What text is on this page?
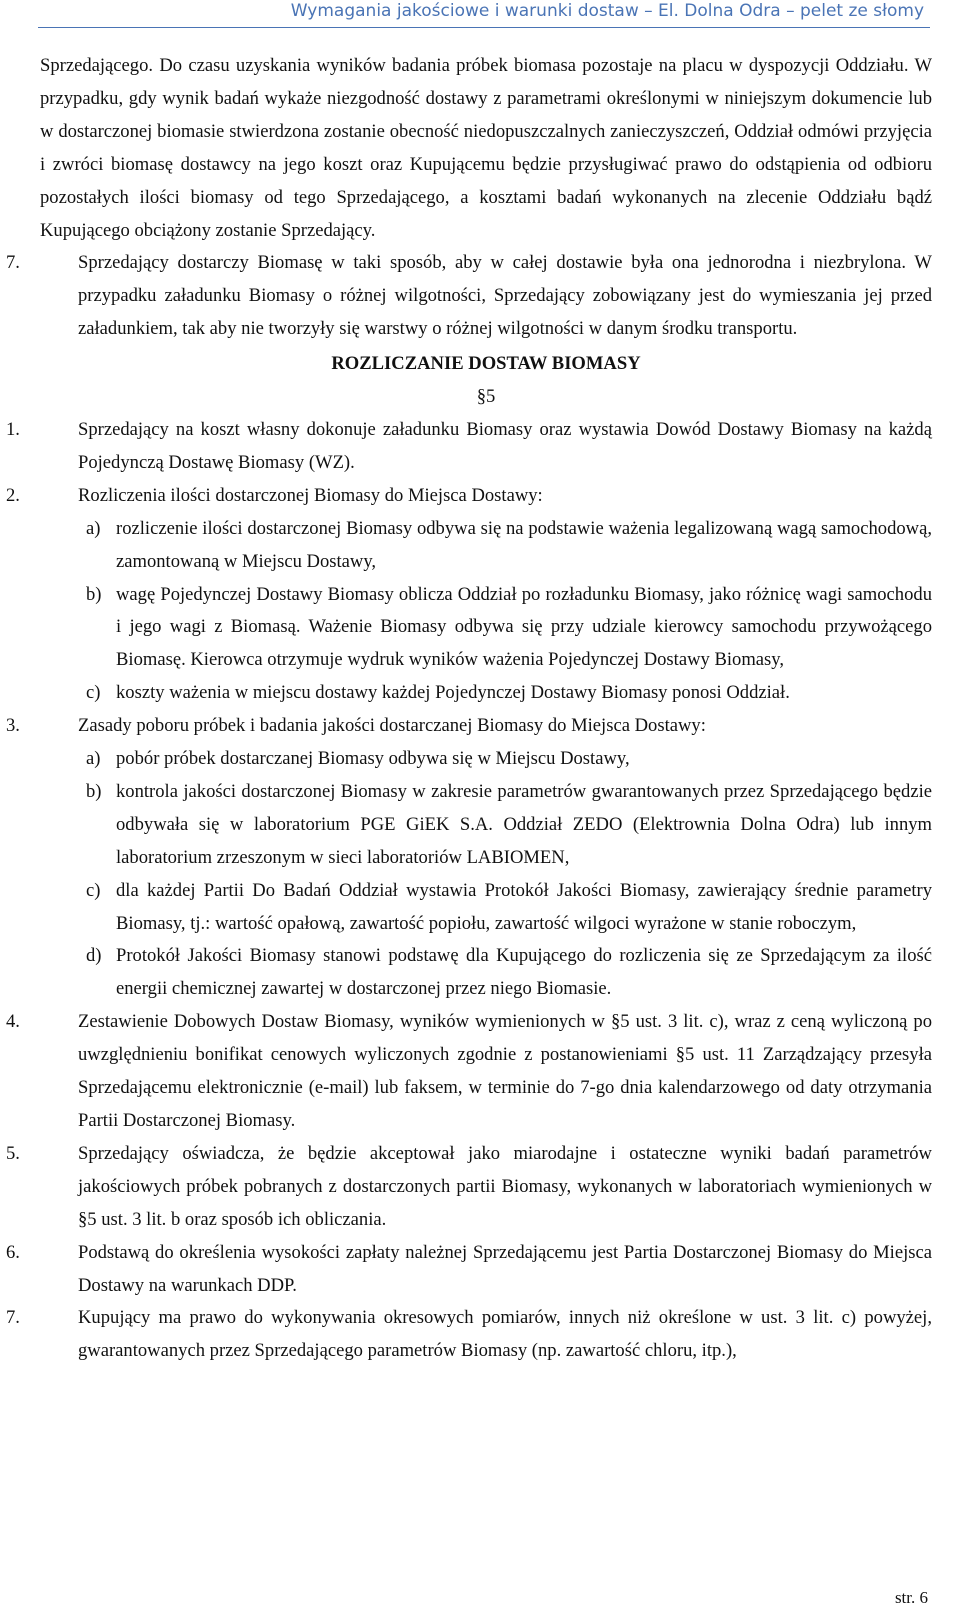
Wymagania jakościowe i warunki dostaw – El. Dolna Odra – pelet ze słomy

Sprzedającego. Do czasu uzyskania wyników badania próbek biomasa pozostaje na placu w dyspozycji Oddziału. W przypadku, gdy wynik badań wykaże niezgodność dostawy z parametrami określonymi w niniejszym dokumencie lub w dostarczonej biomasie stwierdzona zostanie obecność niedopuszczalnych zanieczyszczeń, Oddział odmówi przyjęcia i zwróci biomasę dostawcy na jego koszt oraz Kupującemu będzie przysługiwać prawo do odstąpienia od odbioru pozostałych ilości biomasy od tego Sprzedającego, a kosztami badań wykonanych na zlecenie Oddziału bądź Kupującego obciążony zostanie Sprzedający.

7.	Sprzedający dostarczy Biomasę w taki sposób, aby w całej dostawie była ona jednorodna i niezbrylona. W przypadku załadunku Biomasy o różnej wilgotności, Sprzedający zobowiązany jest do wymieszania jej przed załadunkiem, tak aby nie tworzyły się warstwy o różnej wilgotności w danym środku transportu.
ROZLICZANIE DOSTAW BIOMASY
§5
1.	Sprzedający na koszt własny dokonuje załadunku Biomasy oraz wystawia Dowód Dostawy Biomasy na każdą Pojedynczą Dostawę Biomasy (WZ).
2.	Rozliczenia ilości dostarczonej Biomasy do Miejsca Dostawy:
a) rozliczenie ilości dostarczonej Biomasy odbywa się na podstawie ważenia legalizowaną wagą samochodową, zamontowaną w Miejscu Dostawy,
b) wagę Pojedynczej Dostawy Biomasy oblicza Oddział po rozładunku Biomasy, jako różnicę wagi samochodu i jego wagi z Biomasą. Ważenie Biomasy odbywa się przy udziale kierowcy samochodu przywożącego Biomasę. Kierowca otrzymuje wydruk wyników ważenia Pojedynczej Dostawy Biomasy,
c) koszty ważenia w miejscu dostawy każdej Pojedynczej Dostawy Biomasy ponosi Oddział.
3.	Zasady poboru próbek i badania jakości dostarczanej Biomasy do Miejsca Dostawy:
a) pobór próbek dostarczanej Biomasy odbywa się w Miejscu Dostawy,
b) kontrola jakości dostarczonej Biomasy w zakresie parametrów gwarantowanych przez Sprzedającego będzie odbywała się w laboratorium PGE GiEK S.A. Oddział ZEDO (Elektrownia Dolna Odra) lub innym laboratorium zrzeszonym w sieci laboratoriów LABIOMEN,
c) dla każdej Partii Do Badań Oddział wystawia Protokół Jakości Biomasy, zawierający średnie parametry Biomasy, tj.: wartość opałową, zawartość popiołu, zawartość wilgoci wyrażone w stanie roboczym,
d) Protokół Jakości Biomasy stanowi podstawę dla Kupującego do rozliczenia się ze Sprzedającym za ilość energii chemicznej zawartej w dostarczonej przez niego Biomasie.
4.	Zestawienie Dobowych Dostaw Biomasy, wyników wymienionych w §5 ust. 3 lit. c), wraz z ceną wyliczoną po uwzględnieniu bonifikat cenowych wyliczonych zgodnie z postanowieniami §5 ust. 11 Zarządzający przesyła Sprzedającemu elektronicznie (e-mail) lub faksem, w terminie do 7-go dnia kalendarzowego od daty otrzymania Partii Dostarczonej Biomasy.
5.	Sprzedający oświadcza, że będzie akceptował jako miarodajne i ostateczne wyniki badań parametrów jakościowych próbek pobranych z dostarczonych partii Biomasy, wykonanych w laboratoriach wymienionych w §5 ust. 3 lit. b oraz sposób ich obliczania.
6.	Podstawą do określenia wysokości zapłaty należnej Sprzedającemu jest Partia Dostarczonej Biomasy do Miejsca Dostawy na warunkach DDP.
7.	Kupujący ma prawo do wykonywania okresowych pomiarów, innych niż określone w ust. 3 lit. c) powyżej, gwarantowanych przez Sprzedającego parametrów Biomasy (np. zawartość chloru, itp.),
str. 6
